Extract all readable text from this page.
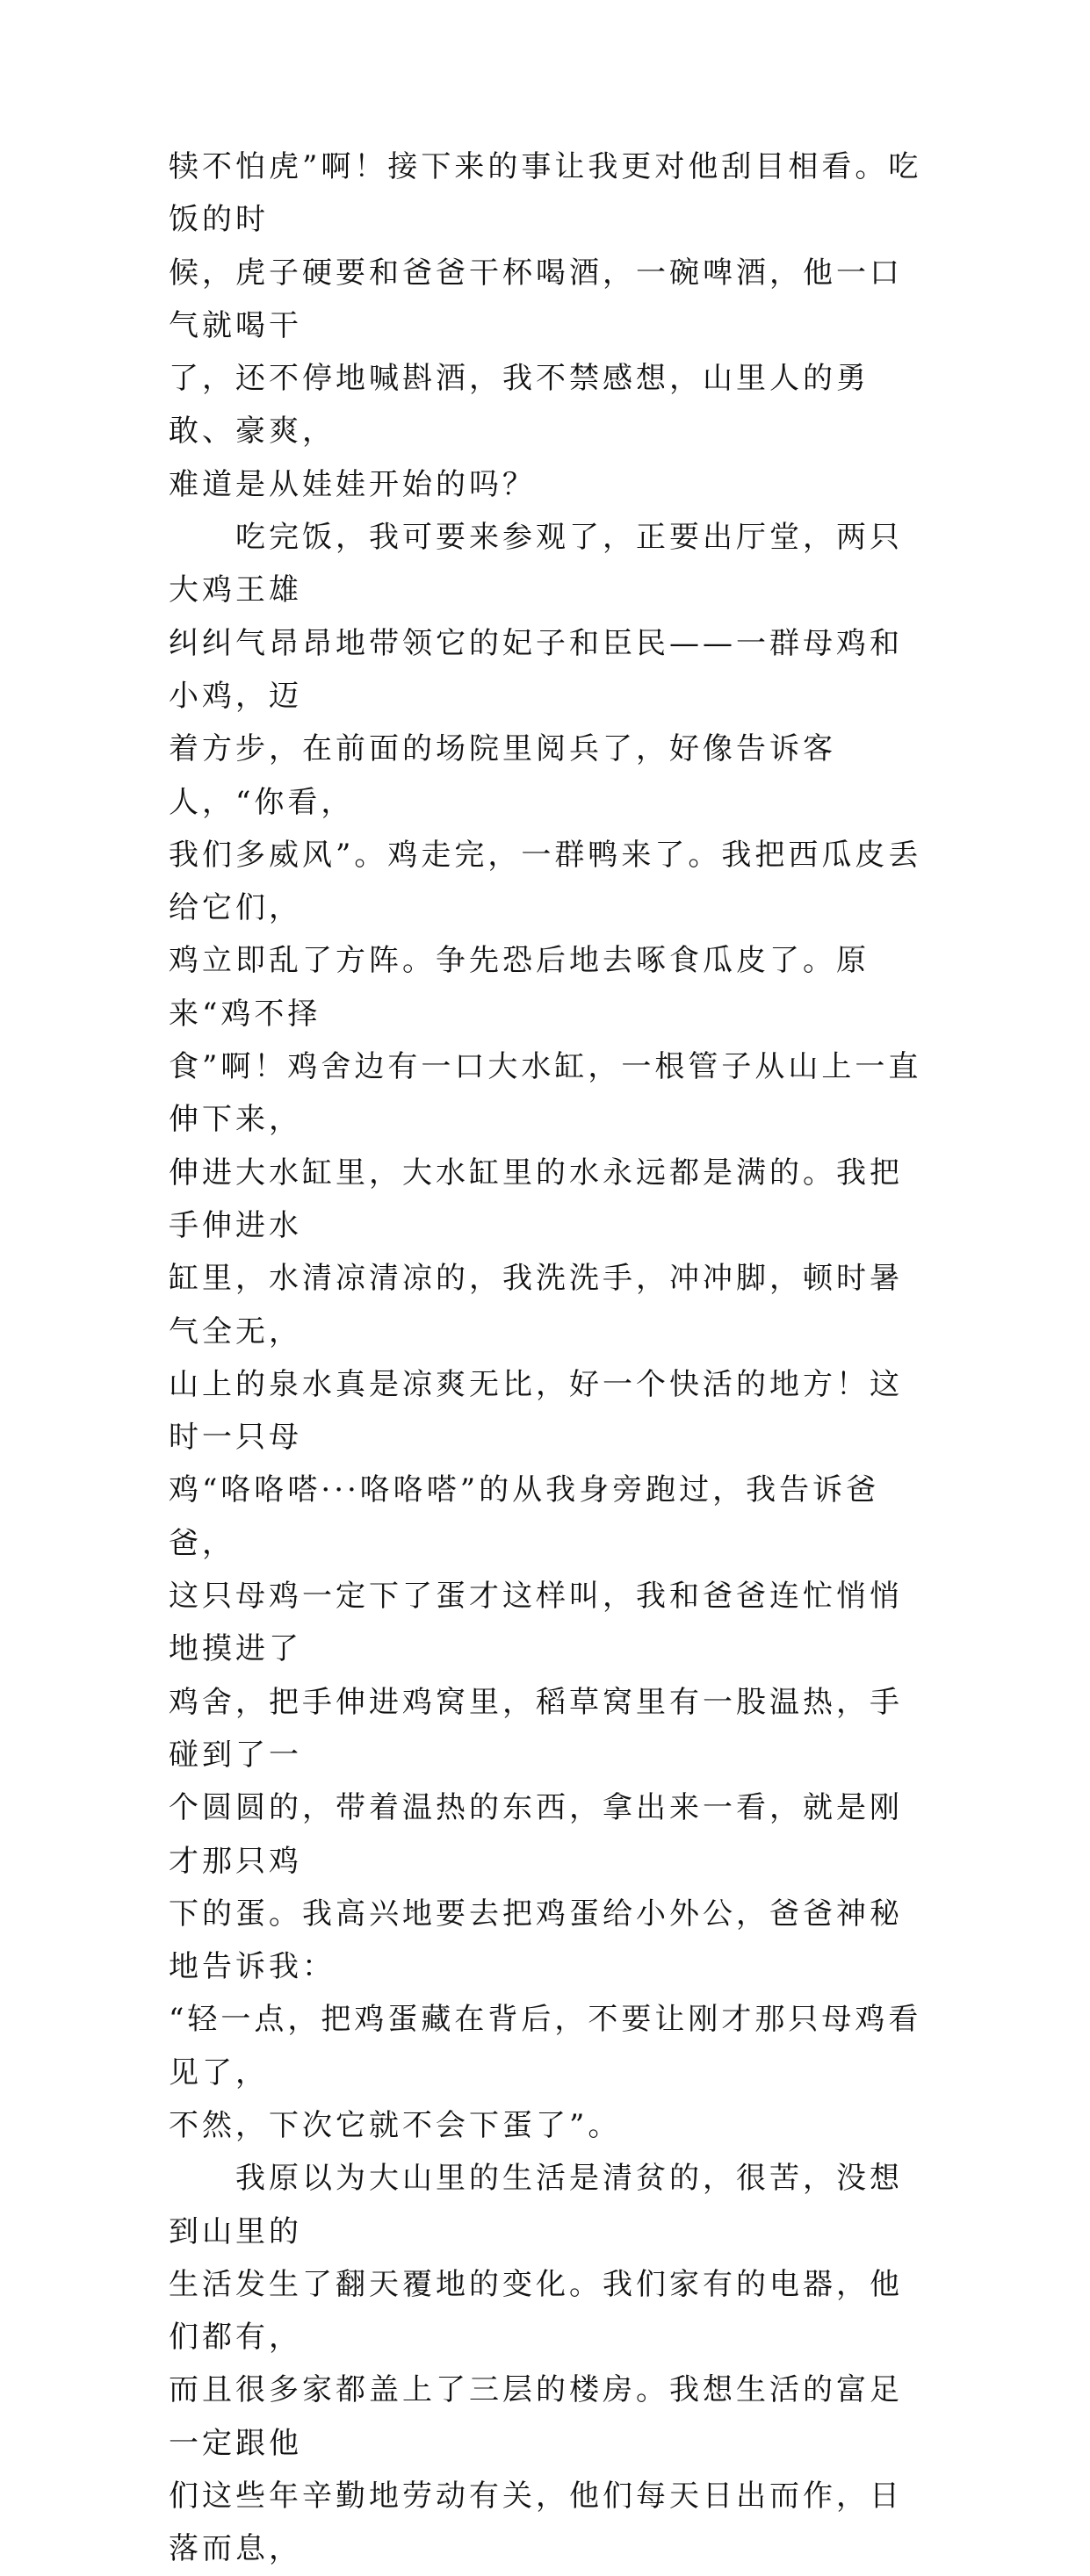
犊不怕虎”啊！接下来的事让我更对他刮目相看。吃饭的时
候，虎子硬要和爸爸干杯喝酒，一碗啤酒，他一口气就喝干
了，还不停地喊斟酒，我不禁感想，山里人的勇敢、豪爽，
难道是从娃娃开始的吗？

　　吃完饭，我可要来参观了，正要出厅堂，两只大鸡王雄
纠纠气昂昂地带领它的妃子和臣民——一群母鸡和小鸡，迈
着方步，在前面的场院里阅兵了，好像告诉客人，“你看，
我们多威风”。鸡走完，一群鸭来了。我把西瓜皮丢给它们，
鸡立即乱了方阵。争先恐后地去啄食瓜皮了。原来“鸡不择
食”啊！鸡舍边有一口大水缸，一根管子从山上一直伸下来，
伸进大水缸里，大水缸里的水永远都是满的。我把手伸进水
缸里，水清凉清凉的，我洗洗手，冲冲脚，顿时暑气全无，
山上的泉水真是凉爽无比，好一个快活的地方！这时一只母
鸡“咯咯嗒···咯咯嗒”的从我身旁跑过，我告诉爸爸，
这只母鸡一定下了蛋才这样叫，我和爸爸连忙悄悄地摸进了
鸡舍，把手伸进鸡窝里，稻草窝里有一股温热，手碰到了一
个圆圆的，带着温热的东西，拿出来一看，就是刚才那只鸡
下的蛋。我高兴地要去把鸡蛋给小外公，爸爸神秘地告诉我：
“轻一点，把鸡蛋藏在背后，不要让刚才那只母鸡看见了，
不然，下次它就不会下蛋了”。

　　我原以为大山里的生活是清贫的，很苦，没想到山里的
生活发生了翻天覆地的变化。我们家有的电器，他们都有，
而且很多家都盖上了三层的楼房。我想生活的富足一定跟他
们这些年辛勤地劳动有关，他们每天日出而作，日落而息，
